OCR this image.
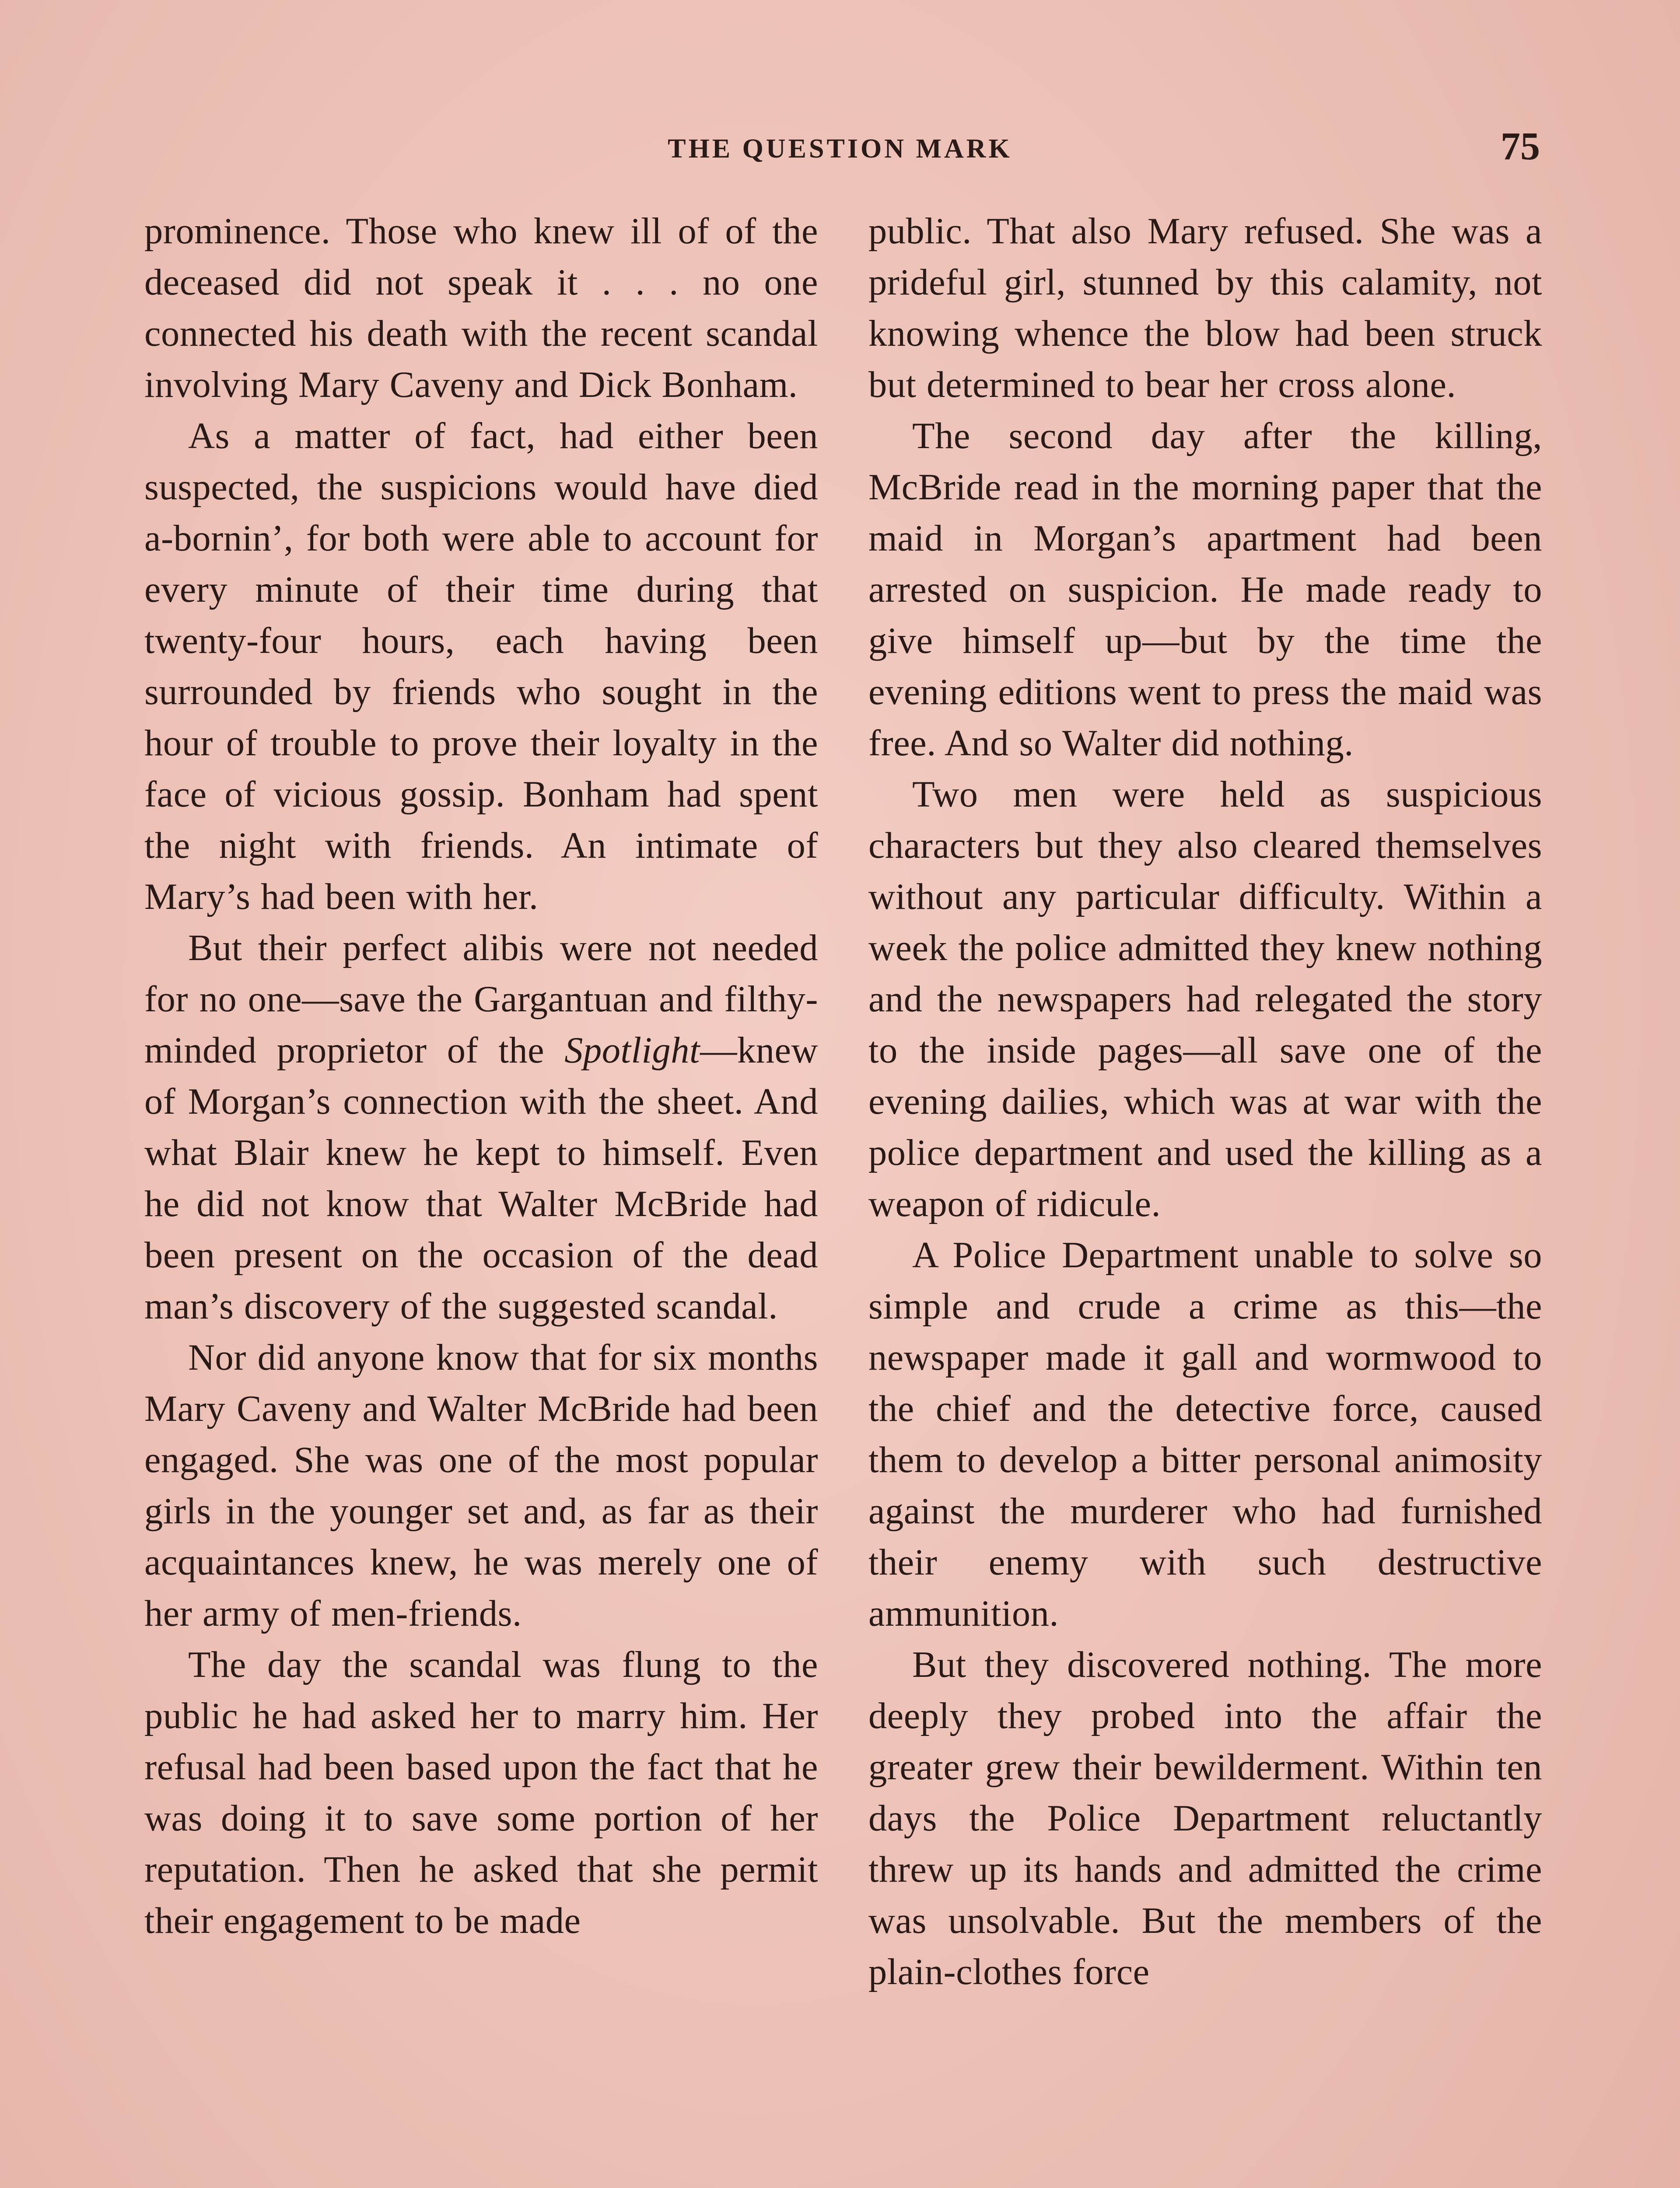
THE QUESTION MARK	75

prominence. Those who knew ill of of the deceased did not speak it . . . no one connected his death with the recent scandal involving Mary Caveny and Dick Bonham.

As a matter of fact, had either been suspected, the suspicions would have died a-bornin’, for both were able to account for every minute of their time during that twenty-four hours, each having been surrounded by friends who sought in the hour of trouble to prove their loyalty in the face of vicious gossip. Bonham had spent the night with friends. An intimate of Mary’s had been with her.

But their perfect alibis were not needed for no one—save the Gargantuan and filthy-minded proprietor of the Spotlight—knew of Morgan’s connection with the sheet. And what Blair knew he kept to himself. Even he did not know that Walter McBride had been present on the occasion of the dead man’s discovery of the suggested scandal.

Nor did anyone know that for six months Mary Caveny and Walter McBride had been engaged. She was one of the most popular girls in the younger set and, as far as their acquaintances knew, he was merely one of her army of men-friends.

The day the scandal was flung to the public he had asked her to marry him. Her refusal had been based upon the fact that he was doing it to save some portion of her reputation. Then he asked that she permit their engagement to be made

public. That also Mary refused. She was a prideful girl, stunned by this calamity, not knowing whence the blow had been struck but determined to bear her cross alone.

The second day after the killing, McBride read in the morning paper that the maid in Morgan’s apartment had been arrested on suspicion. He made ready to give himself up—but by the time the evening editions went to press the maid was free. And so Walter did nothing.

Two men were held as suspicious characters but they also cleared themselves without any particular difficulty. Within a week the police admitted they knew nothing and the newspapers had relegated the story to the inside pages—all save one of the evening dailies, which was at war with the police department and used the killing as a weapon of ridicule.

A Police Department unable to solve so simple and crude a crime as this—the newspaper made it gall and wormwood to the chief and the detective force, caused them to develop a bitter personal animosity against the murderer who had furnished their enemy with such destructive ammunition.

But they discovered nothing. The more deeply they probed into the affair the greater grew their bewilderment. Within ten days the Police Department reluctantly threw up its hands and admitted the crime was unsolvable. But the members of the plain-clothes force
